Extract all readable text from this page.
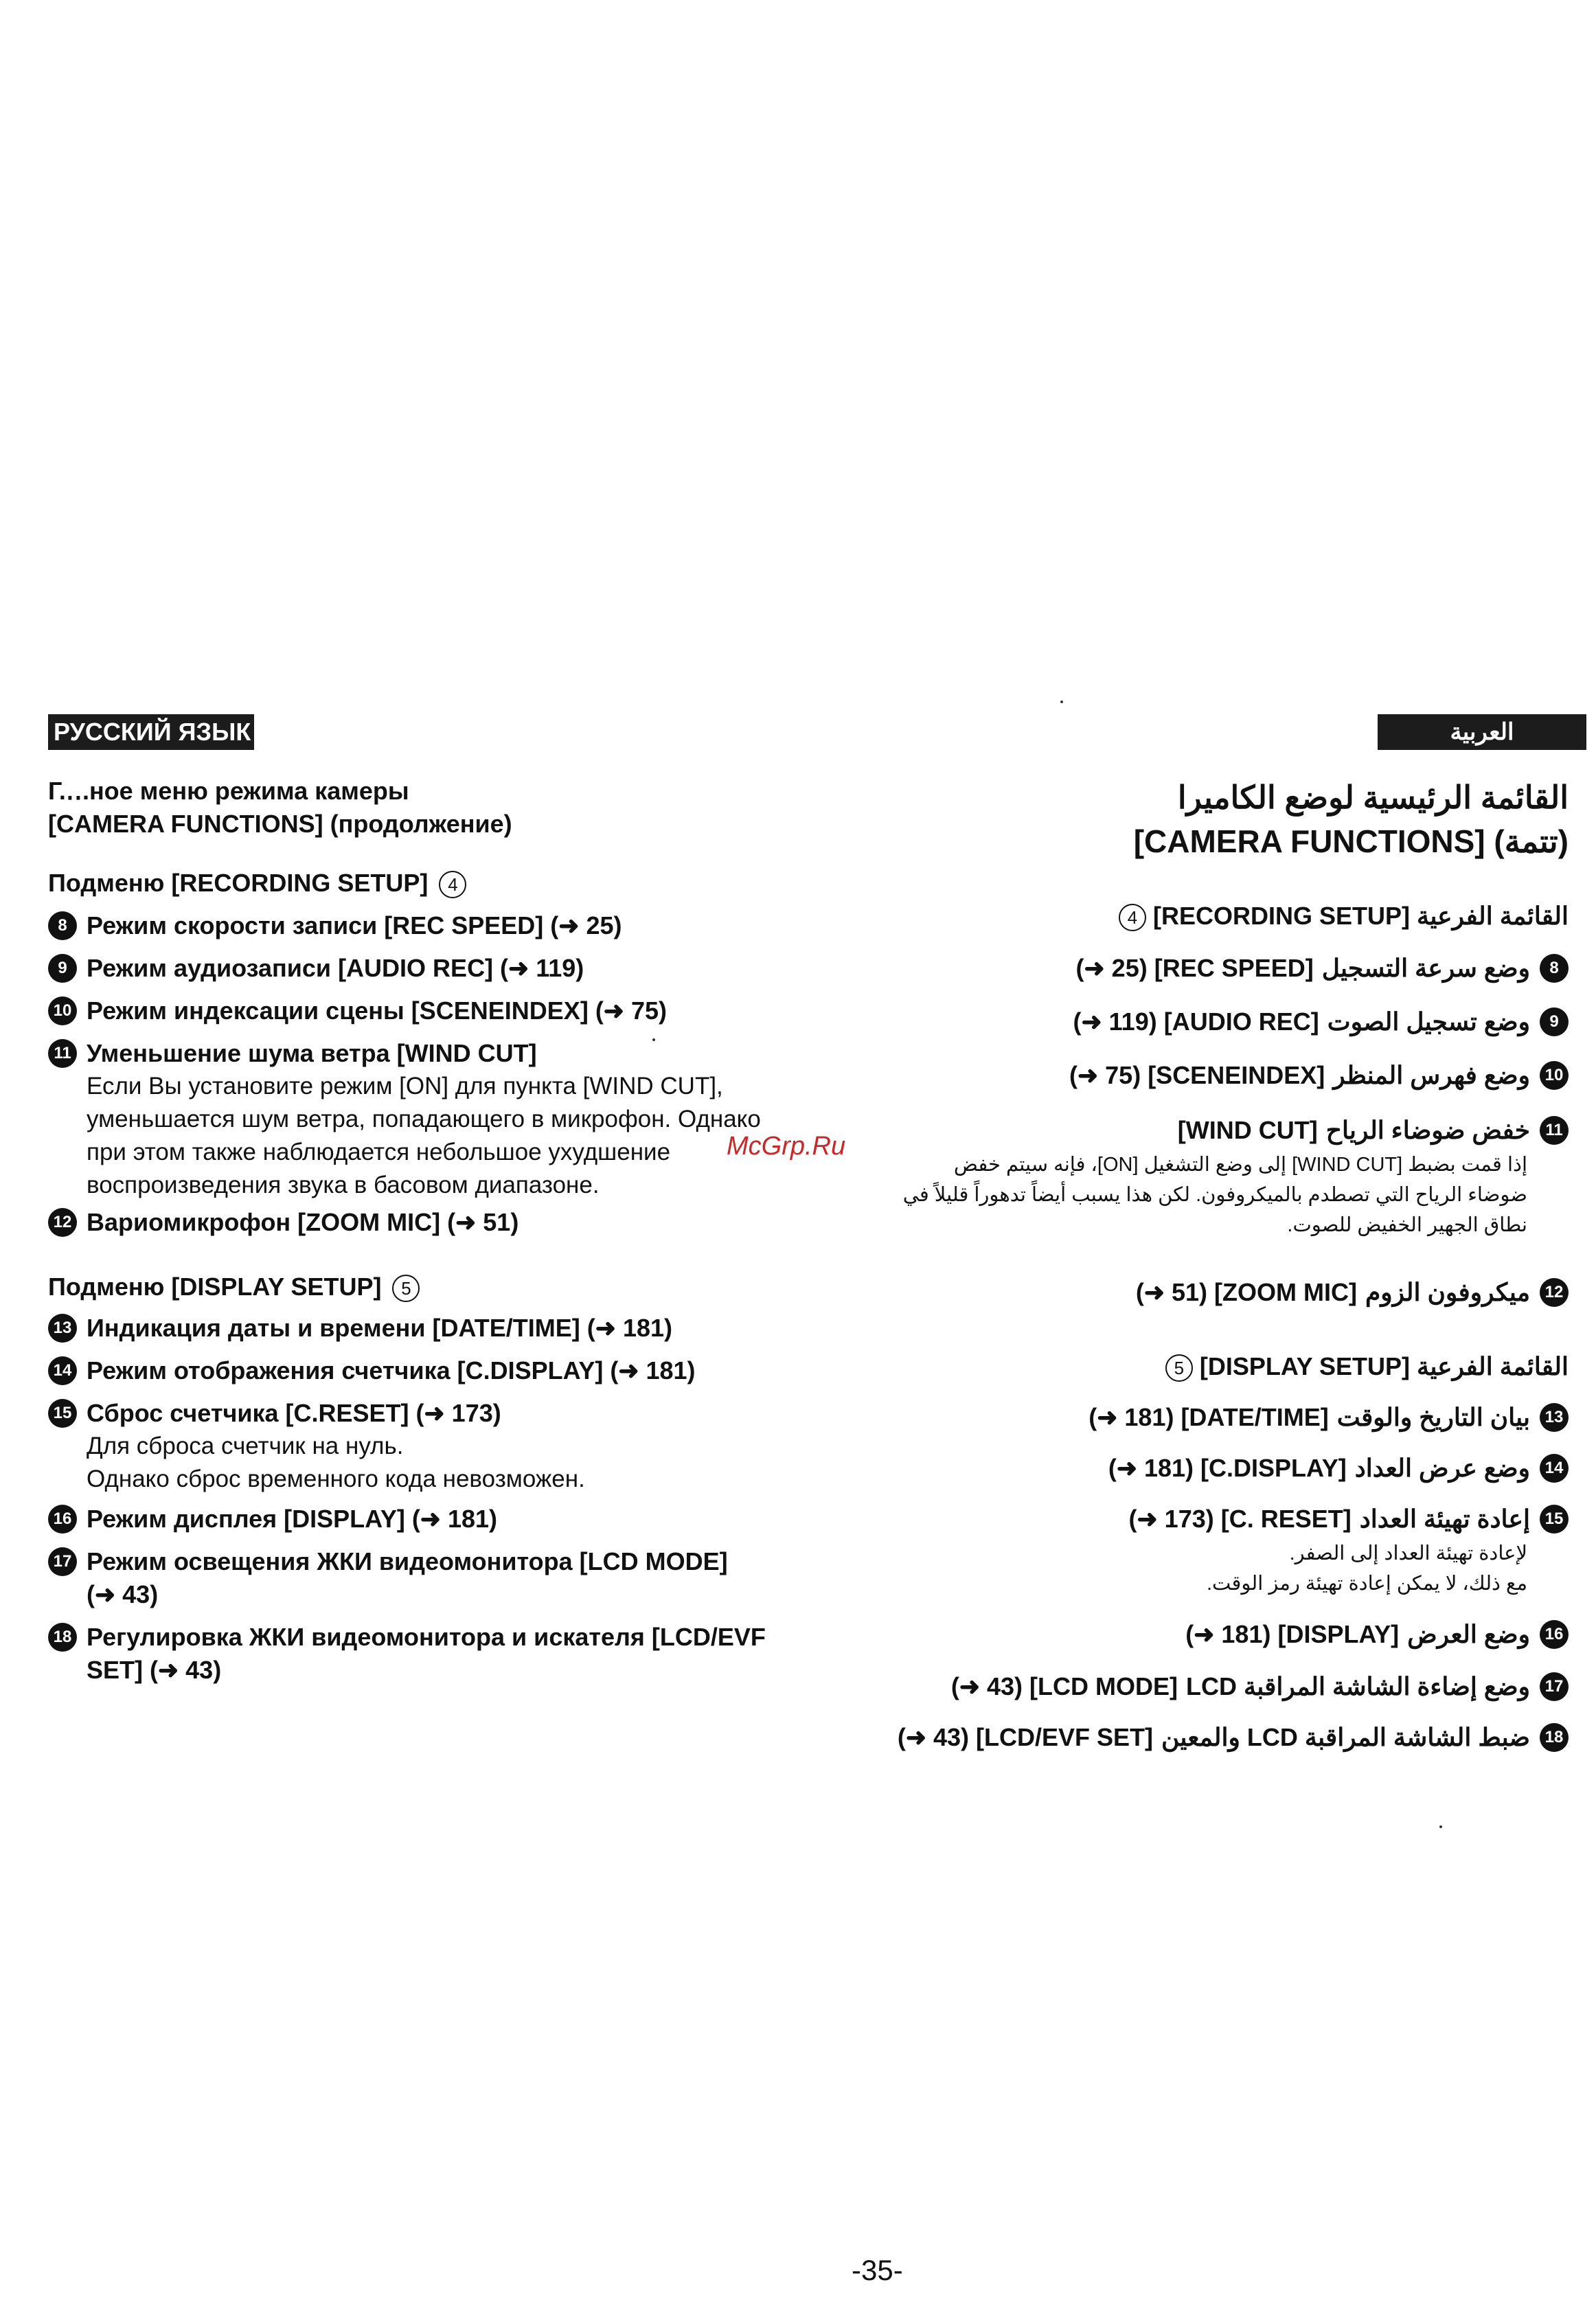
РУССКИЙ ЯЗЫК
Г.‥.ное меню режима камеры
[CAMERA FUNCTIONS] (продолжение)
Подменю [RECORDING SETUP] 4
8 Режим скорости записи [REC SPEED] (➜ 25)
9 Режим аудиозаписи [AUDIO REC] (➜ 119)
10 Режим индексации сцены [SCENEINDEX] (➜ 75)
11 Уменьшение шума ветра [WIND CUT]
Если Вы установите режим [ON] для пункта [WIND CUT],
уменьшается шум ветра, попадающего в микрофон. Однако
при этом также наблюдается небольшое ухудшение
воспроизведения звука в басовом диапазоне.
McGrp.Ru
12 Вариомикрофон [ZOOM MIC] (➜ 51)
Подменю [DISPLAY SETUP] 5
13 Индикация даты и времени [DATE/TIME] (➜ 181)
14 Режим отображения счетчика [C.DISPLAY] (➜ 181)
15 Сброс счетчика [C.RESET] (➜ 173)
Для сброса счетчик на нуль.
Однако сброс временного кода невозможен.
16 Режим дисплея [DISPLAY] (➜ 181)
17 Режим освещения ЖКИ видеомонитора [LCD MODE]
(➜ 43)
18 Регулировка ЖКИ видеомонитора и искателя [LCD/EVF
SET] (➜ 43)
العربية
القائمة الرئيسية لوضع الكاميرا
(تتمة) [CAMERA FUNCTIONS]
القائمة الفرعية [RECORDING SETUP] 4
8
وضع سرعة التسجيل
(➜ 25) [REC SPEED]
9
وضع تسجيل الصوت
(➜ 119) [AUDIO REC]
10
وضع فهرس المنظر
(➜ 75) [SCENEINDEX]
11
خفض ضوضاء الرياح
[WIND CUT]
إذا قمت بضبط [WIND CUT] إلى وضع التشغيل [ON]، فإنه سيتم خفض
ضوضاء الرياح التي تصطدم بالميكروفون. لكن هذا يسبب أيضاً تدهوراً قليلاً في
نطاق الجهير الخفيض للصوت.
12
ميكروفون الزوم
(➜ 51) [ZOOM MIC]
القائمة الفرعية [DISPLAY SETUP] 5
13
بيان التاريخ والوقت
(➜ 181) [DATE/TIME]
14
وضع عرض العداد
(➜ 181) [C.DISPLAY]
15
إعادة تهيئة العداد
(➜ 173) [C. RESET]
لإعادة تهيئة العداد إلى الصفر.
مع ذلك، لا يمكن إعادة تهيئة رمز الوقت.
16
وضع العرض
(➜ 181) [DISPLAY]
17
وضع إضاءة الشاشة المراقبة LCD
(➜ 43) [LCD MODE]
18
ضبط الشاشة المراقبة LCD والمعين
(➜ 43) [LCD/EVF SET]
-35-
